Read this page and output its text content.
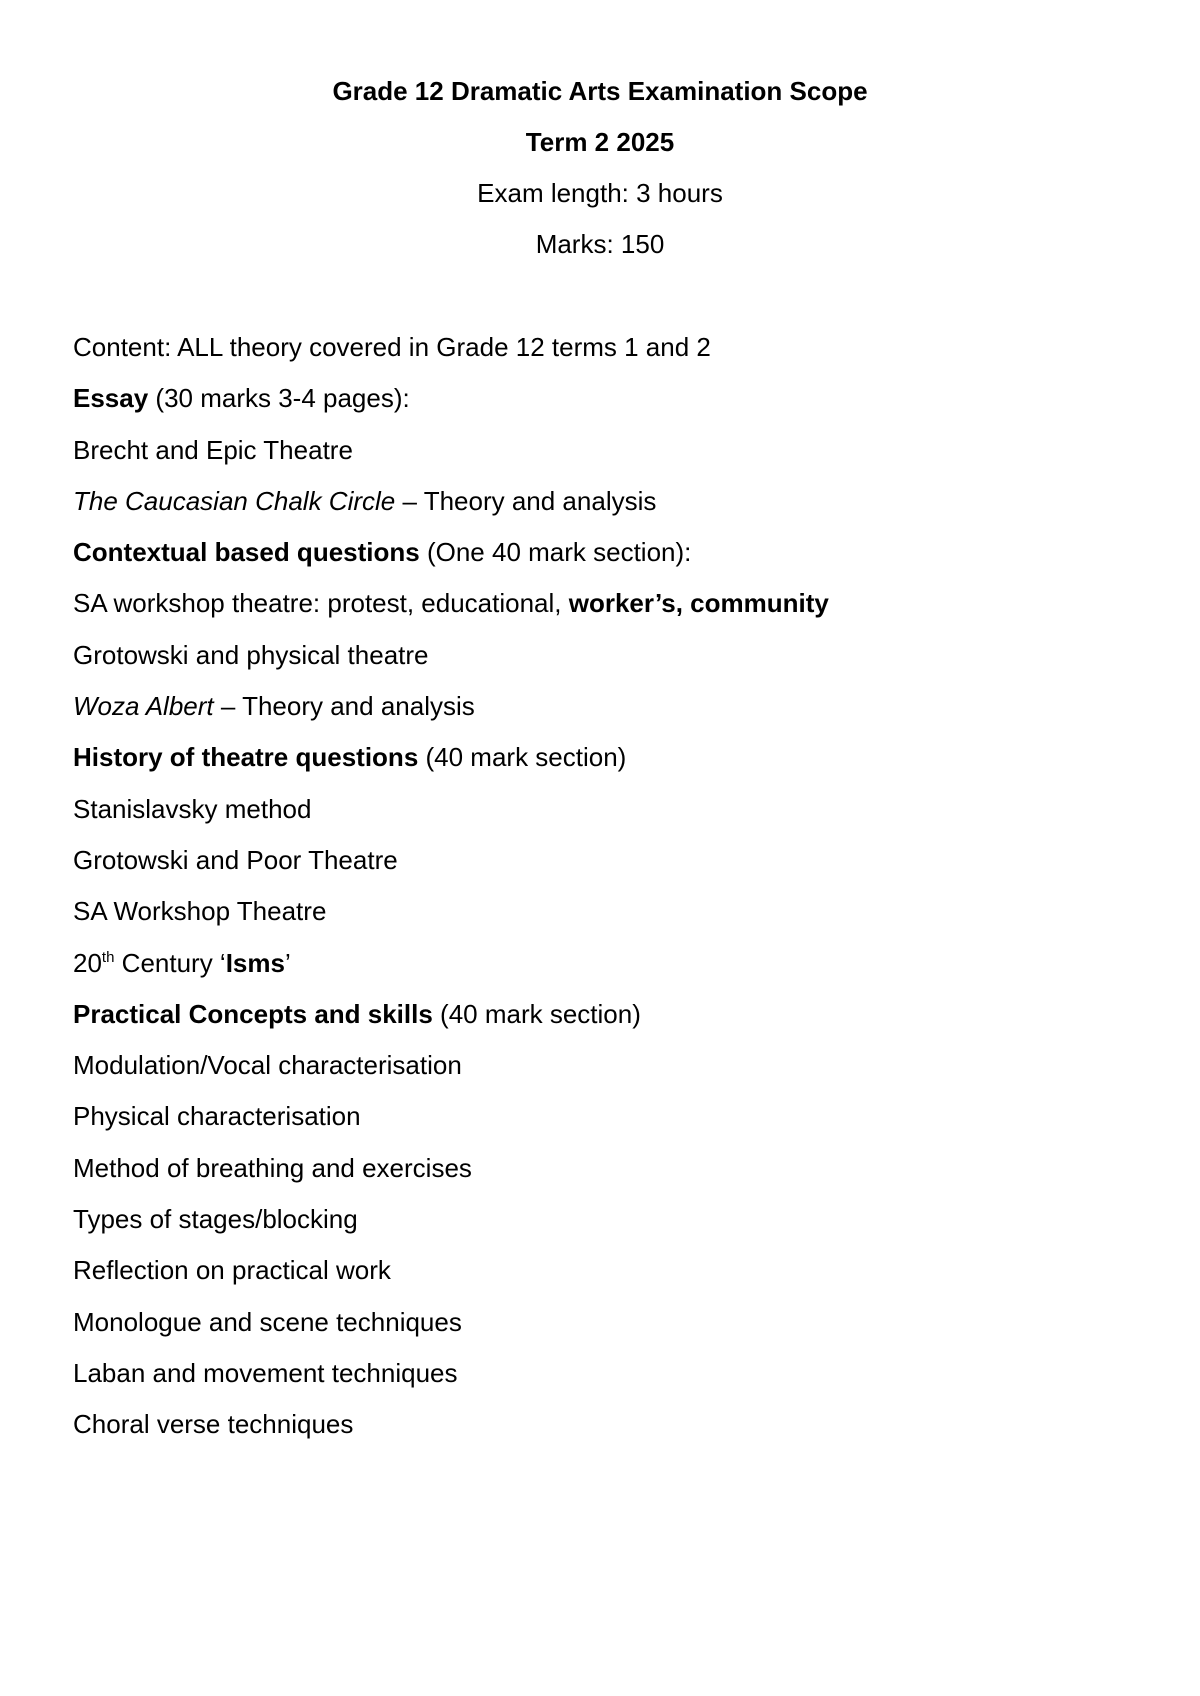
Grade 12 Dramatic Arts Examination Scope
Term 2 2025
Exam length: 3 hours
Marks: 150
Content: ALL theory covered in Grade 12 terms 1 and 2
Essay (30 marks 3-4 pages):
Brecht and Epic Theatre
The Caucasian Chalk Circle – Theory and analysis
Contextual based questions (One 40 mark section):
SA workshop theatre: protest, educational, worker’s, community
Grotowski and physical theatre
Woza Albert – Theory and analysis
History of theatre questions (40 mark section)
Stanislavsky method
Grotowski and Poor Theatre
SA Workshop Theatre
20th Century ‘Isms’
Practical Concepts and skills (40 mark section)
Modulation/Vocal characterisation
Physical characterisation
Method of breathing and exercises
Types of stages/blocking
Reflection on practical work
Monologue and scene techniques
Laban and movement techniques
Choral verse techniques
